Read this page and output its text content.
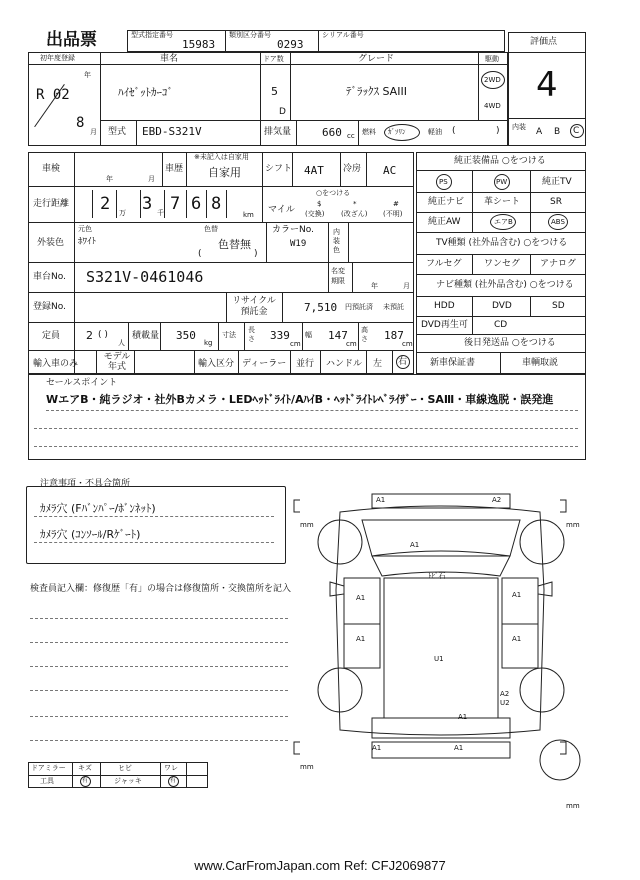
出品票	型式指定番号
15983
類別区分番号
0293
シリアル番号
評価点
4
初年度登録
年
R 02
8
月
車名
ﾊｲｾﾞｯﾄｶｰｺﾞ
ドア数
5
D
グレード
ﾃﾞﾗｯｸｽ SAIII
駆動
2WD
4WD
型式 EBD-S321V	排気量	660 cc 燃料 ｶﾞｿﾘﾝ	軽油 (	) 内装 A B C
車検
年	月
車歴
※未記入は自家用
自家用	シフト 4AT 冷房 AC
走行距離 2 万 3 千 7 6 8
km
○をつける
マイル
$
(交換)
*
(改ざん)
#
(不明)
外装色
元色
ﾎﾜｲﾄ
色替
色替無
(	)
カラーNo.
W19
内装色
車台No. S321V-0461046	名変期限
年	月
登録No.
リサイクル預託金	7,510 円 預託済 未預託
定員 2 ( )
人
積載量 350
kg
寸法
長さ 339
cm
幅 147
cm
高さ 187
cm
輸入車のみ
モデル年式	輸入区分 ディーラー 並行 ハンドル 左 右
純正装備品 ○をつける
PS	PW	純正TV
純正ナビ 革シート	SR
純正AW	エアB	ABS
TV種類 (社外品含む) ○をつける
フルセグ ワンセグ アナログ
ナビ種類 (社外品含む) ○をつける
HDD	DVD	SD
DVD再生可	CD
後日発送品 ○をつける
新車保証書	車輌取説
セールスポイント
WエアB・純ラジオ・社外Bカメラ・LEDﾍｯﾄﾞﾗｲﾄ/AﾊｲB・ﾍｯﾄﾞﾗｲﾄﾚﾍﾞﾗｲｻﾞｰ・SAⅢ・車線逸脱・誤発進
注意事項・不具合箇所
ｶﾒﾗ穴 (Fﾊﾞﾝﾊﾟｰ/ﾎﾞﾝﾈｯﾄ)
ｶﾒﾗ穴 (ｺﾝｿｰﾙ/Rｹﾞｰﾄ)
検査員記入欄：修復歴「有」の場合は修復箇所・交換箇所を記入
mm	mm
mm
mm
A1	A2
A1
ﾄﾋﾞ石
A1	A1
A1	A1
U1
A2
U2
A1
A1	A1
ドアミラー キズ	ヒビ	ワレ
工具	有	ジャッキ	有
www.CarFromJapan.com Ref: CFJ2069877
